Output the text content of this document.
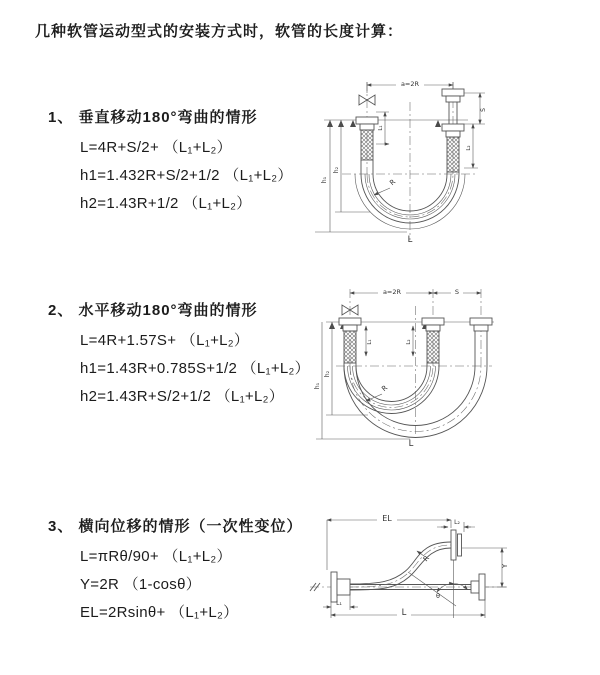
几种软管运动型式的安装方式时，软管的长度计算：
1、 垂直移动180°弯曲的情形
L=4R+S/2+ （L₁+L₂）
h1=1.432R+S/2+1/2 （L₁+L₂）
h2=1.43R+1/2 （L₁+L₂）
2、 水平移动180°弯曲的情形
L=4R+1.57S+ （L₁+L₂）
h1=1.43R+0.785S+1/2 （L₁+L₂）
h2=1.43R+S/2+1/2 （L₁+L₂）
3、 横向位移的情形（一次性变位）
L=πRθ/90+ （L₁+L₂）
Y=2R （1-cosθ）
EL=2Rsinθ+ （L₁+L₂）
a=2R
h₁
h₂
L₁
S
L₂
R
L
a=2R	S
h₁
h₂
L₁	L₂
R
L
EL	L₂
Y
θ
R
L
L₁
